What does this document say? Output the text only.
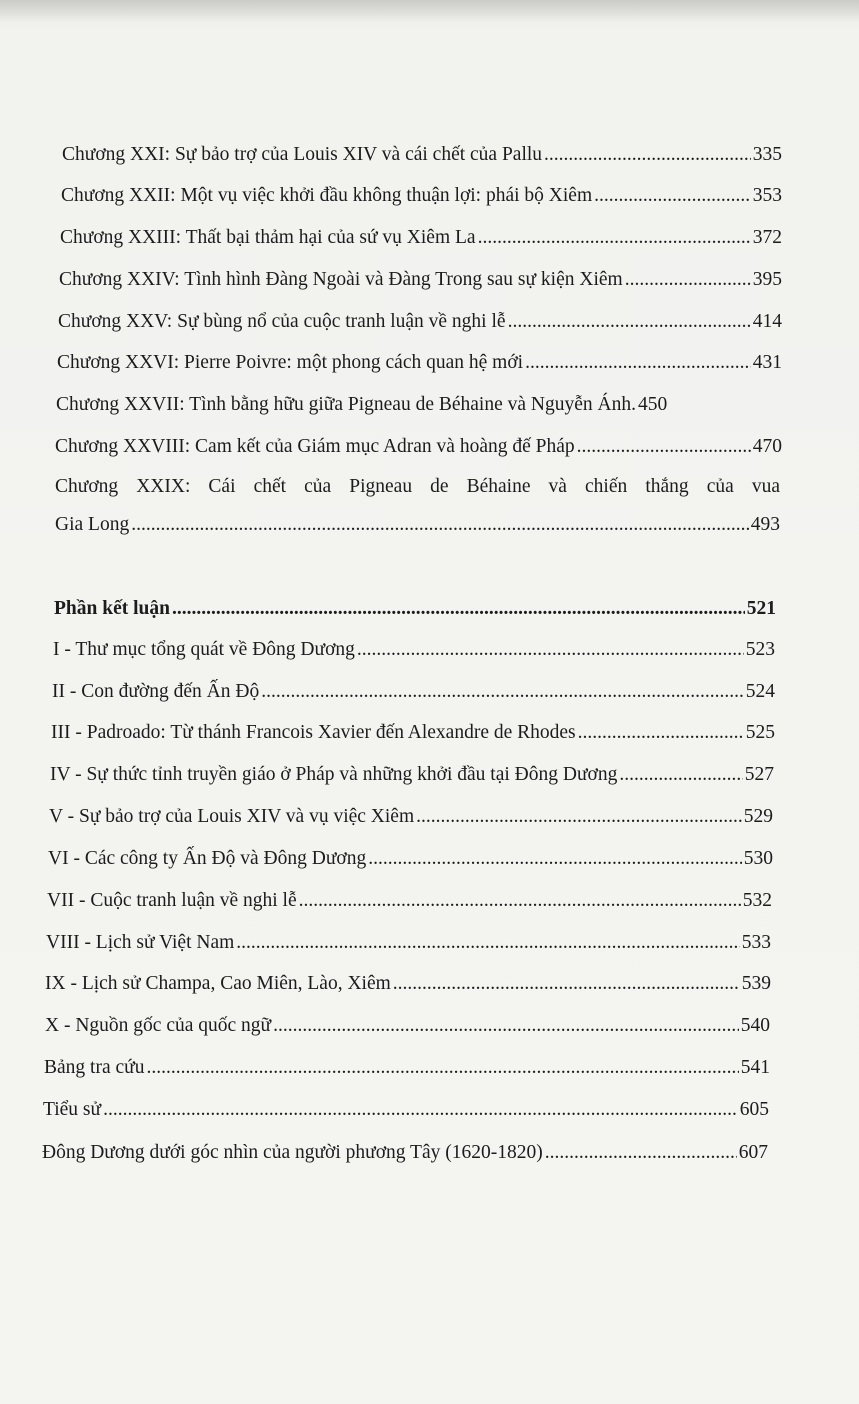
Chương XXI: Sự bảo trợ của Louis XIV và cái chết của Pallu .....	335
Chương XXII: Một vụ việc khởi đầu không thuận lợi: phái bộ Xiêm .....	353
Chương XXIII: Thất bại thảm hại của sứ vụ Xiêm La .....	372
Chương XXIV: Tình hình Đàng Ngoài và Đàng Trong sau sự kiện Xiêm .....	395
Chương XXV: Sự bùng nổ của cuộc tranh luận về nghi lễ .....	414
Chương XXVI: Pierre Poivre: một phong cách quan hệ mới .....	431
Chương XXVII: Tình bằng hữu giữa Pigneau de Béhaine và Nguyễn Ánh. 450
Chương XXVIII: Cam kết của Giám mục Adran và hoàng đế Pháp .....	470
Chương XXIX: Cái chết của Pigneau de Béhaine và chiến thắng của vua
Gia Long .....	493
Phần kết luận .....	521
I - Thư mục tổng quát về Đông Dương .....	523
II - Con đường đến Ấn Độ .....	524
III - Padroado: Từ thánh Francois Xavier đến Alexandre de Rhodes .....	525
IV - Sự thức tỉnh truyền giáo ở Pháp và những khởi đầu tại Đông Dương .....	527
V - Sự bảo trợ của Louis XIV và vụ việc Xiêm .....	529
VI - Các công ty Ấn Độ và Đông Dương .....	530
VII - Cuộc tranh luận về nghi lễ .....	532
VIII - Lịch sử Việt Nam .....	533
IX - Lịch sử Champa, Cao Miên, Lào, Xiêm .....	539
X - Nguồn gốc của quốc ngữ .....	540
Bảng tra cứu .....	541
Tiểu sử .....	605
Đông Dương dưới góc nhìn của người phương Tây (1620-1820) .....	607
